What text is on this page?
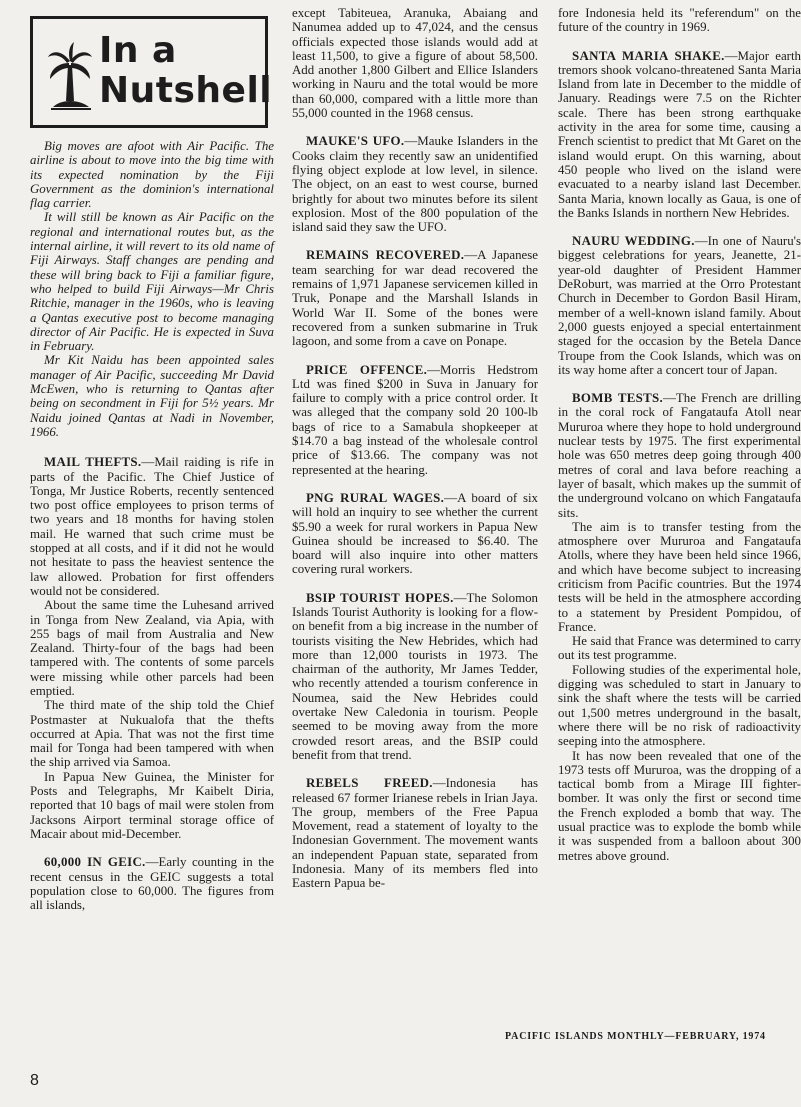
In a
Nutshell

Big moves are afoot with Air Pacific. The airline is about to move into the big time with its expected nomination by the Fiji Government as the dominion's international flag carrier.

It will still be known as Air Pacific on the regional and international routes but, as the internal airline, it will revert to its old name of Fiji Airways. Staff changes are pending and these will bring back to Fiji a familiar figure, who helped to build Fiji Airways—Mr Chris Ritchie, manager in the 1960s, who is leaving a Qantas executive post to become managing director of Air Pacific. He is expected in Suva in February.

Mr Kit Naidu has been appointed sales manager of Air Pacific, succeeding Mr David McEwen, who is returning to Qantas after being on secondment in Fiji for 5½ years. Mr Naidu joined Qantas at Nadi in November, 1966.

MAIL THEFTS.—Mail raiding is rife in parts of the Pacific. The Chief Justice of Tonga, Mr Justice Roberts, recently sentenced two post office employees to prison terms of two years and 18 months for having stolen mail. He warned that such crime must be stopped at all costs, and if it did not he would not hesitate to pass the heaviest sentence the law allowed. Probation for first offenders would not be considered.

About the same time the Luhesand arrived in Tonga from New Zealand, via Apia, with 255 bags of mail from Australia and New Zealand. Thirty-four of the bags had been tampered with. The contents of some parcels were missing while other parcels had been emptied.

The third mate of the ship told the Chief Postmaster at Nukualofa that the thefts occurred at Apia. That was not the first time mail for Tonga had been tampered with when the ship arrived via Samoa.

In Papua New Guinea, the Minister for Posts and Telegraphs, Mr Kaibelt Diria, reported that 10 bags of mail were stolen from Jacksons Airport terminal storage office of Macair about mid-December.

60,000 IN GEIC.—Early counting in the recent census in the GEIC suggests a total population close to 60,000. The figures from all islands,

except Tabiteuea, Aranuka, Abaiang and Nanumea added up to 47,024, and the census officials expected those islands would add at least 11,500, to give a figure of about 58,500. Add another 1,800 Gilbert and Ellice Islanders working in Nauru and the total would be more than 60,000, compared with a little more than 55,000 counted in the 1968 census.

MAUKE'S UFO.—Mauke Islanders in the Cooks claim they recently saw an unidentified flying object explode at low level, in silence. The object, on an east to west course, burned brightly for about two minutes before its silent explosion. Most of the 800 population of the island said they saw the UFO.

REMAINS RECOVERED.—A Japanese team searching for war dead recovered the remains of 1,971 Japanese servicemen killed in Truk, Ponape and the Marshall Islands in World War II. Some of the bones were recovered from a sunken submarine in Truk lagoon, and some from a cave on Ponape.

PRICE OFFENCE.—Morris Hedstrom Ltd was fined $200 in Suva in January for failure to comply with a price control order. It was alleged that the company sold 20 100-lb bags of rice to a Samabula shopkeeper at $14.70 a bag instead of the wholesale control price of $13.66. The company was not represented at the hearing.

PNG RURAL WAGES.—A board of six will hold an inquiry to see whether the current $5.90 a week for rural workers in Papua New Guinea should be increased to $6.40. The board will also inquire into other matters covering rural workers.

BSIP TOURIST HOPES.—The Solomon Islands Tourist Authority is looking for a flow-on benefit from a big increase in the number of tourists visiting the New Hebrides, which had more than 12,000 tourists in 1973. The chairman of the authority, Mr James Tedder, who recently attended a tourism conference in Noumea, said the New Hebrides could overtake New Caledonia in tourism. People seemed to be moving away from the more crowded resort areas, and the BSIP could benefit from that trend.

REBELS FREED.—Indonesia has released 67 former Irianese rebels in Irian Jaya. The group, members of the Free Papua Movement, read a statement of loyalty to the Indonesian Government. The movement wants an independent Papuan state, separated from Indonesia. Many of its members fled into Eastern Papua be-

fore Indonesia held its "referendum" on the future of the country in 1969.

SANTA MARIA SHAKE.—Major earth tremors shook volcano-threatened Santa Maria Island from late in December to the middle of January. Readings were 7.5 on the Richter scale. There has been strong earthquake activity in the area for some time, causing a French scientist to predict that Mt Garet on the island would erupt. On this warning, about 450 people who lived on the island were evacuated to a nearby island last December. Santa Maria, known locally as Gaua, is one of the Banks Islands in northern New Hebrides.

NAURU WEDDING.—In one of Nauru's biggest celebrations for years, Jeanette, 21-year-old daughter of President Hammer DeRoburt, was married at the Orro Protestant Church in December to Gordon Basil Hiram, member of a well-known island family. About 2,000 guests enjoyed a special entertainment staged for the occasion by the Betela Dance Troupe from the Cook Islands, which was on its way home after a concert tour of Japan.

BOMB TESTS.—The French are drilling in the coral rock of Fangataufa Atoll near Mururoa where they hope to hold underground nuclear tests by 1975. The first experimental hole was 650 metres deep going through 400 metres of coral and lava before reaching a layer of basalt, which makes up the summit of the underground volcano on which Fangataufa sits.

The aim is to transfer testing from the atmosphere over Mururoa and Fangataufa Atolls, where they have been held since 1966, and which have become subject to increasing criticism from Pacific countries. But the 1974 tests will be held in the atmosphere according to a statement by President Pompidou, of France.

He said that France was determined to carry out its test programme.

Following studies of the experimental hole, digging was scheduled to start in January to sink the shaft where the tests will be carried out 1,500 metres underground in the basalt, where there will be no risk of radioactivity seeping into the atmosphere.

It has now been revealed that one of the 1973 tests off Mururoa, was the dropping of a tactical bomb from a Mirage III fighter-bomber. It was only the first or second time the French exploded a bomb that way. The usual practice was to explode the bomb while it was suspended from a balloon about 300 metres above ground.

PACIFIC ISLANDS MONTHLY—FEBRUARY, 1974
8
